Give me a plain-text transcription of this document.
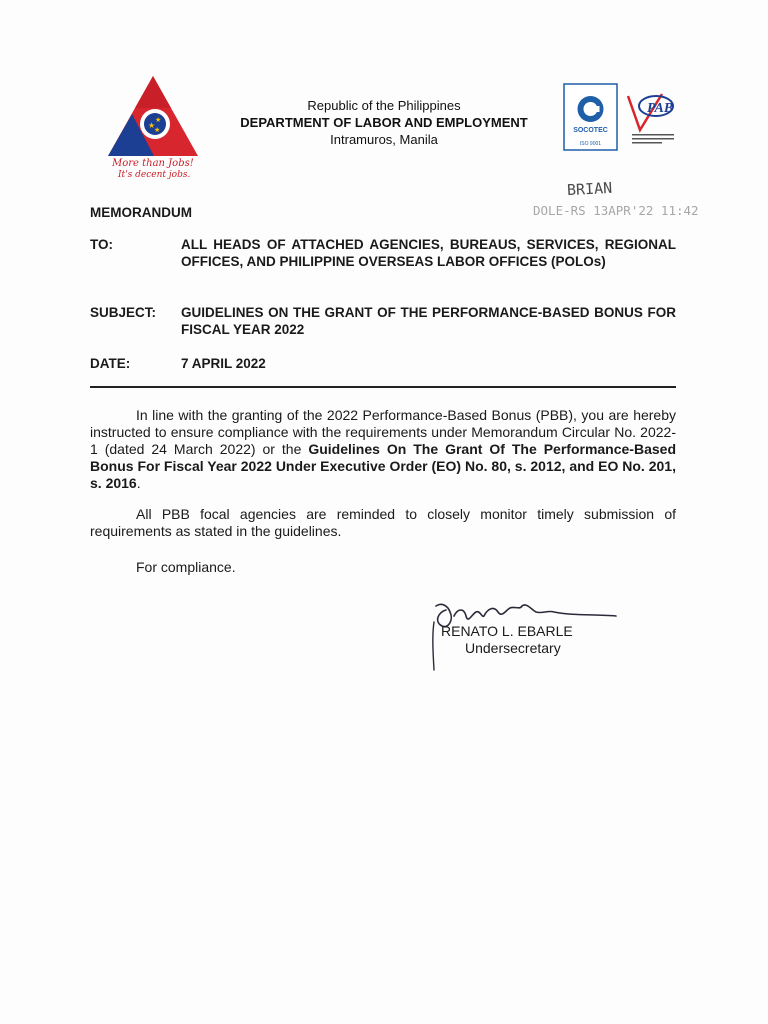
★
★
★
More than Jobs!
It's decent jobs.
Republic of the Philippines
DEPARTMENT OF LABOR AND EMPLOYMENT
Intramuros, Manila
SOCOTEC
ISO 9001
PAB
BRIAN
DOLE-RS 13APR'22 11:42
MEMORANDUM
TO:	ALL HEADS OF ATTACHED AGENCIES, BUREAUS, SERVICES, REGIONAL OFFICES, AND PHILIPPINE OVERSEAS LABOR OFFICES (POLOs)
SUBJECT:	GUIDELINES ON THE GRANT OF THE PERFORMANCE-BASED BONUS FOR FISCAL YEAR 2022
DATE:	7 APRIL 2022
In line with the granting of the 2022 Performance-Based Bonus (PBB), you are hereby instructed to ensure compliance with the requirements under Memorandum Circular No. 2022-1 (dated 24 March 2022) or the Guidelines On The Grant Of The Performance-Based Bonus For Fiscal Year 2022 Under Executive Order (EO) No. 80, s. 2012, and EO No. 201, s. 2016.
All PBB focal agencies are reminded to closely monitor timely submission of requirements as stated in the guidelines.
For compliance.
RENATO L. EBARLE
Undersecretary
